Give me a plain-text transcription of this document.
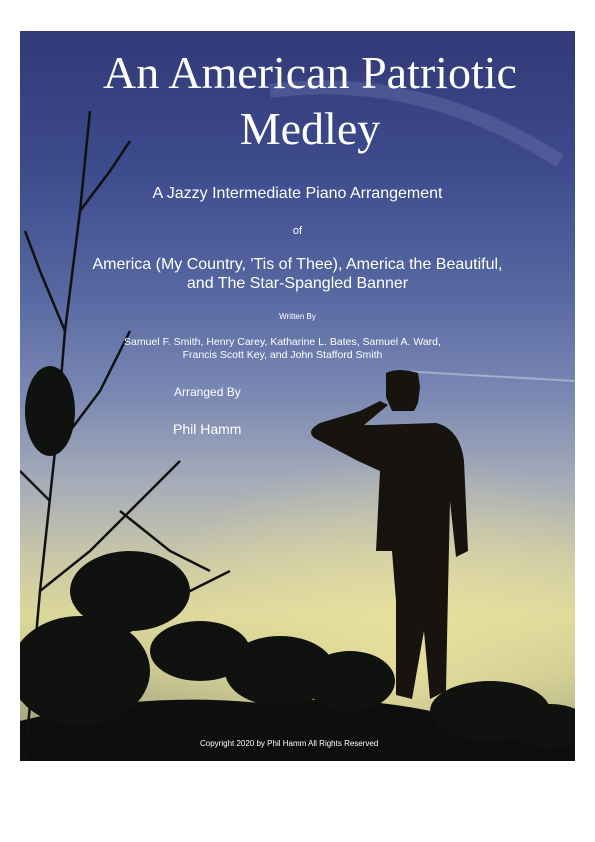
An American Patriotic Medley
A Jazzy Intermediate Piano Arrangement
of
America (My Country, 'Tis of Thee), America the Beautiful,
and The Star-Spangled Banner
Written By
Samuel F. Smith, Henry Carey, Katharine L. Bates, Samuel A. Ward,
Francis Scott Key, and John Stafford Smith
Arranged By
Phil Hamm
Copyright 2020 by Phil Hamm All Rights Reserved
